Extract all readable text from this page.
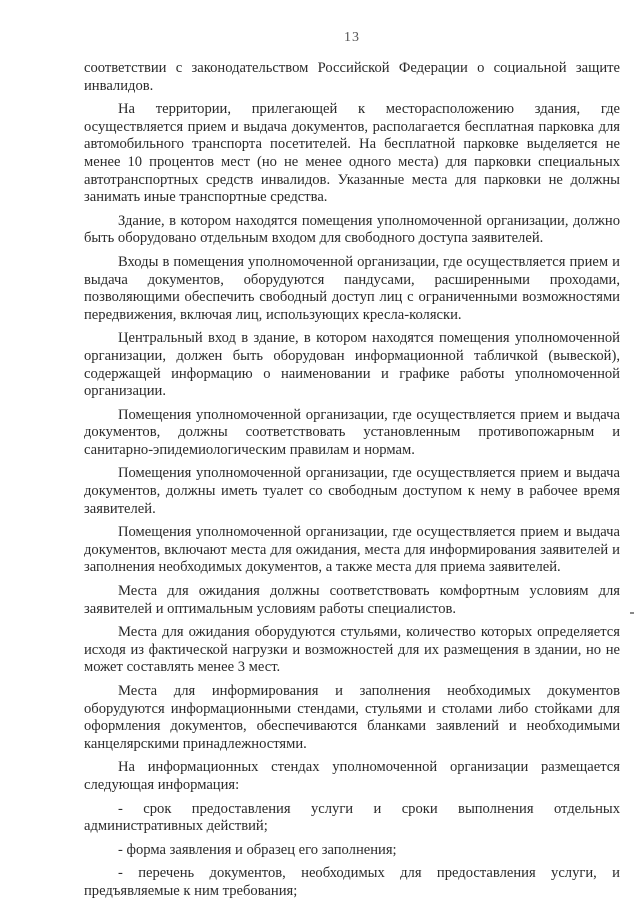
13

соответствии с законодательством Российской Федерации о социальной защите инвалидов.

На территории, прилегающей к месторасположению здания, где осуществляется прием и выдача документов, располагается бесплатная парковка для автомобильного транспорта посетителей. На бесплатной парковке выделяется не менее 10 процентов мест (но не менее одного места) для парковки специальных автотранспортных средств инвалидов. Указанные места для парковки не должны занимать иные транспортные средства.

Здание, в котором находятся помещения уполномоченной организации, должно быть оборудовано отдельным входом для свободного доступа заявителей.

Входы в помещения уполномоченной организации, где осуществляется прием и выдача документов, оборудуются пандусами, расширенными проходами, позволяющими обеспечить свободный доступ лиц с ограниченными возможностями передвижения, включая лиц, использующих кресла-коляски.

Центральный вход в здание, в котором находятся помещения уполномоченной организации, должен быть оборудован информационной табличкой (вывеской), содержащей информацию о наименовании и графике работы уполномоченной организации.

Помещения уполномоченной организации, где осуществляется прием и выдача документов, должны соответствовать установленным противопожарным и санитарно-эпидемиологическим правилам и нормам.

Помещения уполномоченной организации, где осуществляется прием и выдача документов, должны иметь туалет со свободным доступом к нему в рабочее время заявителей.

Помещения уполномоченной организации, где осуществляется прием и выдача документов, включают места для ожидания, места для информирования заявителей и заполнения необходимых документов, а также места для приема заявителей.

Места для ожидания должны соответствовать комфортным условиям для заявителей и оптимальным условиям работы специалистов.

Места для ожидания оборудуются стульями, количество которых определяется исходя из фактической нагрузки и возможностей для их размещения в здании, но не может составлять менее 3 мест.

Места для информирования и заполнения необходимых документов оборудуются информационными стендами, стульями и столами либо стойками для оформления документов, обеспечиваются бланками заявлений и необходимыми канцелярскими принадлежностями.

На информационных стендах уполномоченной организации размещается следующая информация:

- срок предоставления услуги и сроки выполнения отдельных административных действий;

- форма заявления и образец его заполнения;

- перечень документов, необходимых для предоставления услуги, и предъявляемые к ним требования;
